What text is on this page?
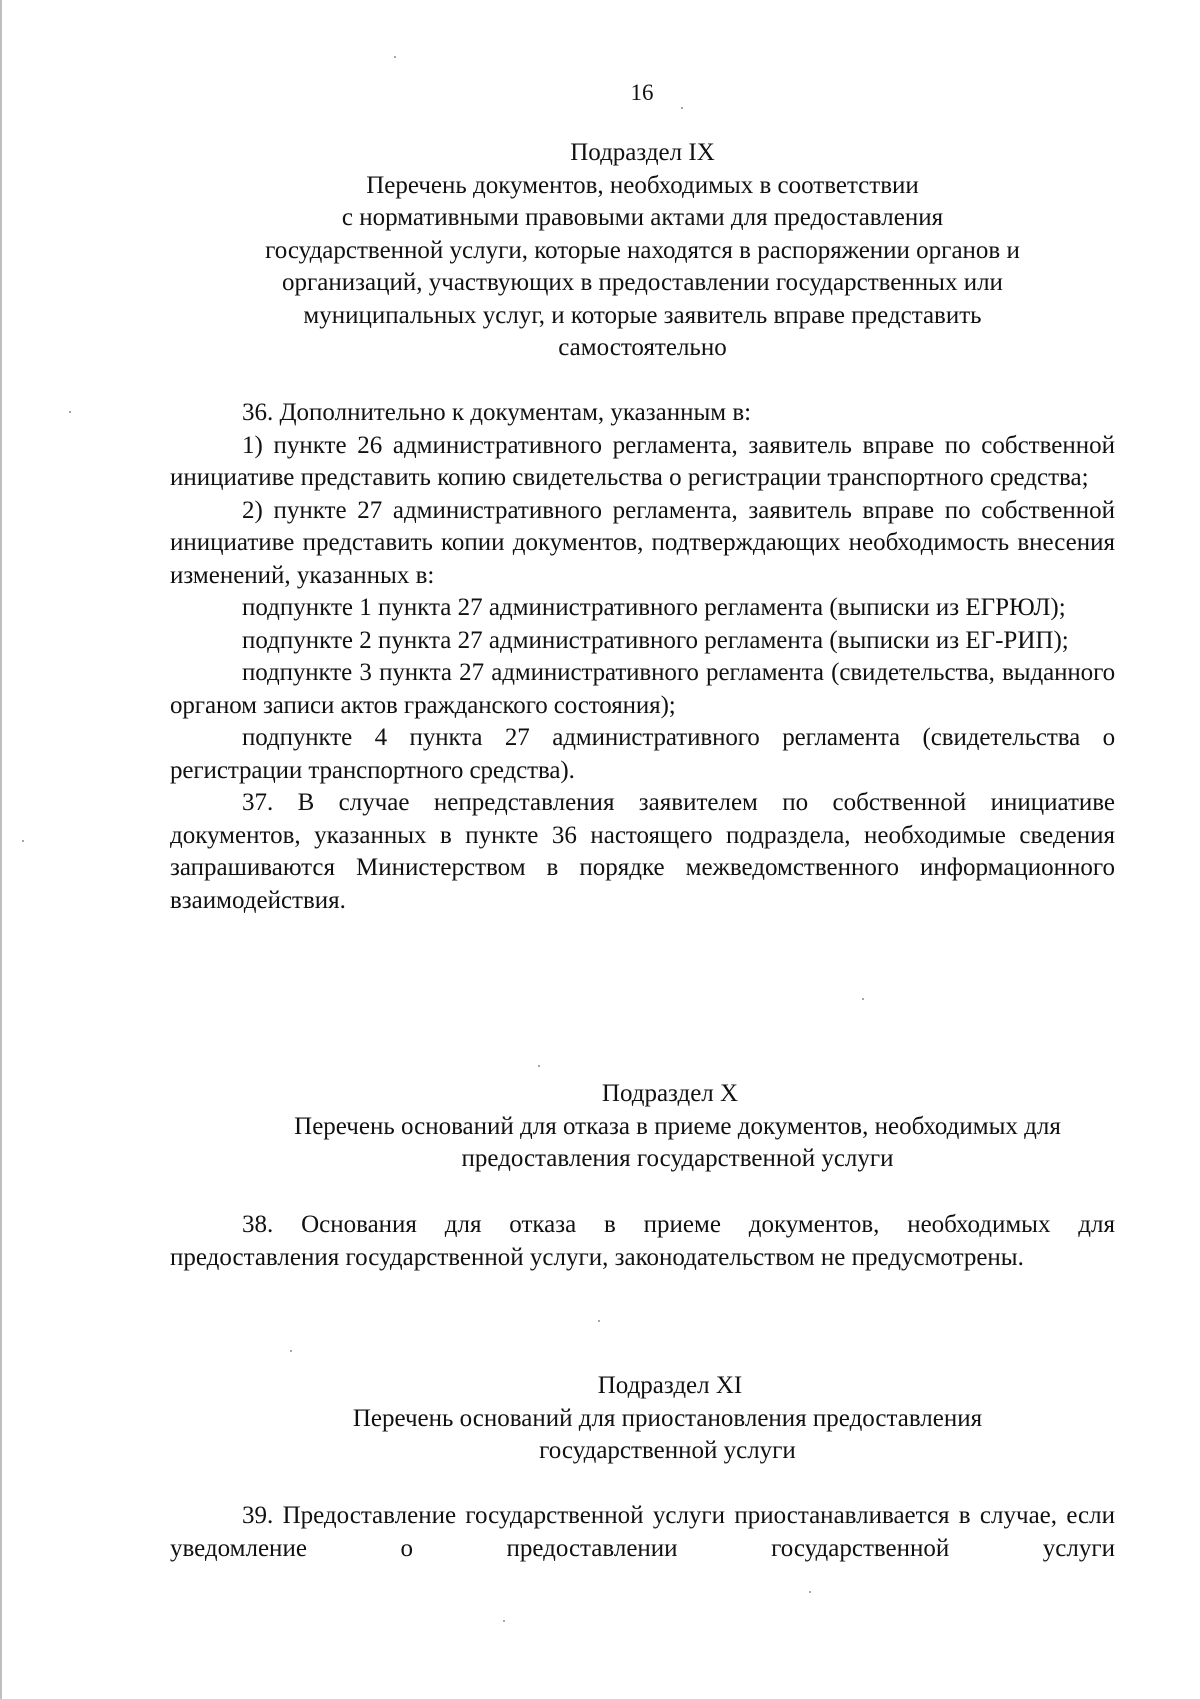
16
Подраздел IX
Перечень документов, необходимых в соответствии
с нормативными правовыми актами для предоставления
государственной услуги, которые находятся в распоряжении органов и
организаций, участвующих в предоставлении государственных или
муниципальных услуг, и которые заявитель вправе представить
самостоятельно

36. Дополнительно к документам, указанным в:

1) пункте 26 административного регламента, заявитель вправе по собственной инициативе представить копию свидетельства о регистрации транспортного средства;

2) пункте 27 административного регламента, заявитель вправе по собственной инициативе представить копии документов, подтверждающих необходимость внесения изменений, указанных в:

подпункте 1 пункта 27 административного регламента (выписки из ЕГРЮЛ);

подпункте 2 пункта 27 административного регламента (выписки из ЕГ-РИП);

подпункте 3 пункта 27 административного регламента (свидетельства, выданного органом записи актов гражданского состояния);

подпункте 4 пункта 27 административного регламента (свидетельства о регистрации транспортного средства).

37. В случае непредставления заявителем по собственной инициативе документов, указанных в пункте 36 настоящего подраздела, необходимые сведения запрашиваются Министерством в порядке межведомственного информационного взаимодействия.

Подраздел X
Перечень оснований для отказа в приеме документов, необходимых для
предоставления государственной услуги

38. Основания для отказа в приеме документов, необходимых для предоставления государственной услуги, законодательством не предусмотрены.

Подраздел XI
Перечень оснований для приостановления предоставления
государственной услуги

39. Предоставление государственной услуги приостанавливается в случае, если уведомление о предоставлении государственной услуги
